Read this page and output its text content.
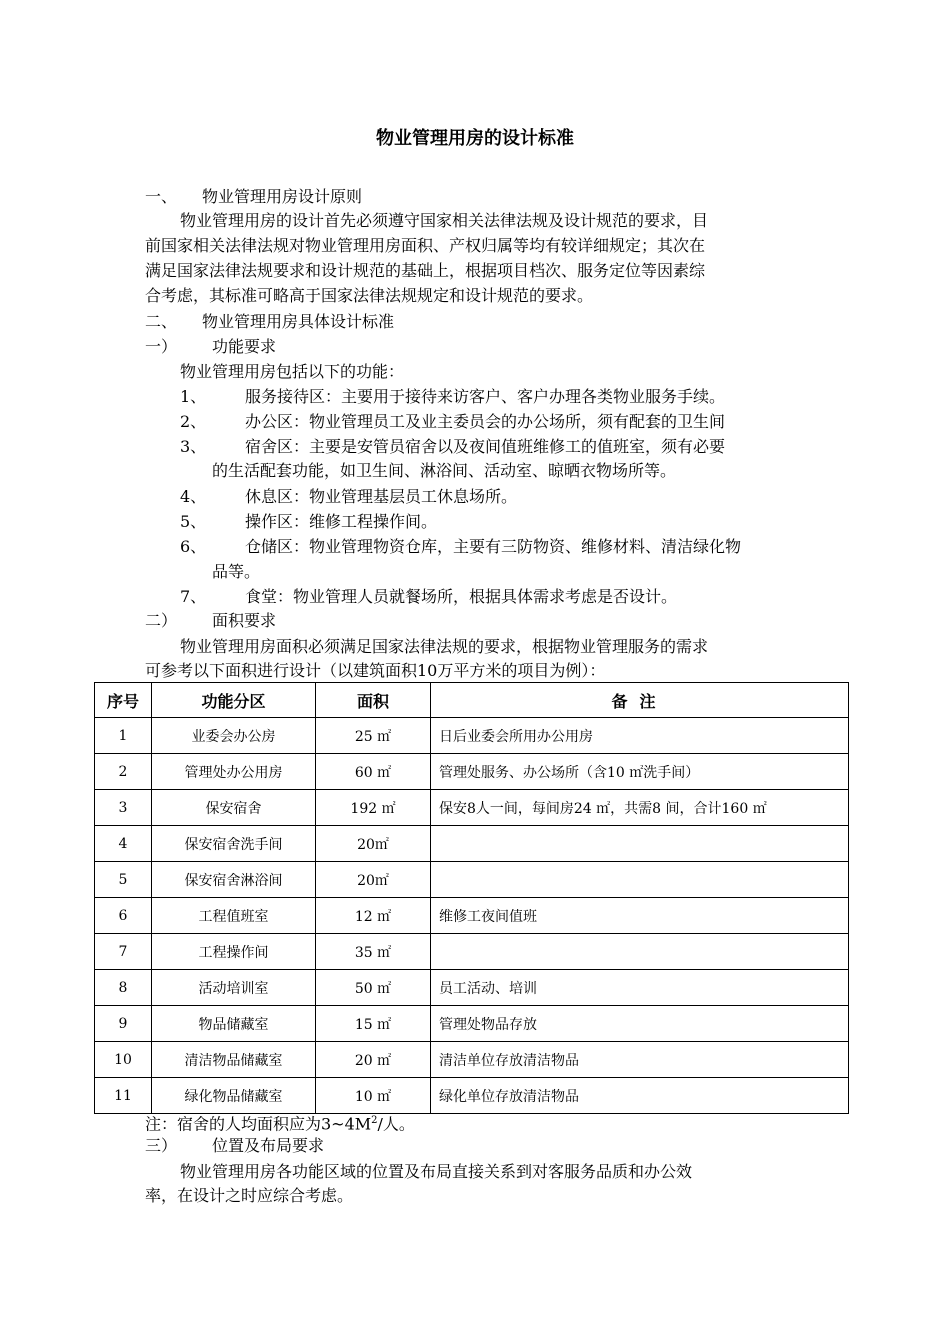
物业管理用房的设计标准
一、 物业管理用房设计原则
物业管理用房的设计首先必须遵守国家相关法律法规及设计规范的要求，目
前国家相关法律法规对物业管理用房面积、产权归属等均有较详细规定；其次在
满足国家法律法规要求和设计规范的基础上，根据项目档次、服务定位等因素综
合考虑，其标准可略高于国家法律法规规定和设计规范的要求。
二、 物业管理用房具体设计标准
一） 功能要求
物业管理用房包括以下的功能：
1、 服务接待区：主要用于接待来访客户、客户办理各类物业服务手续。
2、 办公区：物业管理员工及业主委员会的办公场所，须有配套的卫生间
3、 宿舍区：主要是安管员宿舍以及夜间值班维修工的值班室，须有必要
的生活配套功能，如卫生间、淋浴间、活动室、晾晒衣物场所等。
4、 休息区：物业管理基层员工休息场所。
5、 操作区：维修工程操作间。
6、 仓储区：物业管理物资仓库，主要有三防物资、维修材料、清洁绿化物
品等。
7、 食堂：物业管理人员就餐场所，根据具体需求考虑是否设计。
二） 面积要求
物业管理用房面积必须满足国家法律法规的要求，根据物业管理服务的需求
可参考以下面积进行设计（以建筑面积10万平方米的项目为例）：
序号	功能分区	面积	备注
1	业委会办公房	25 ㎡	日后业委会所用办公用房
2	管理处办公用房	60 ㎡	管理处服务、办公场所（含10 ㎡洗手间）
3	保安宿舍	192 ㎡	保安8人一间，每间房24 ㎡，共需8 间，合计160 ㎡
4	保安宿舍洗手间	20㎡	
5	保安宿舍淋浴间	20㎡	
6	工程值班室	12 ㎡	维修工夜间值班
7	工程操作间	35 ㎡	
8	活动培训室	50 ㎡	员工活动、培训
9	物品储藏室	15 ㎡	管理处物品存放
10	清洁物品储藏室	20 ㎡	清洁单位存放清洁物品
11	绿化物品储藏室	10 ㎡	绿化单位存放清洁物品
注：宿舍的人均面积应为$3\sim 4M^2/$人。
三） 位置及布局要求
物业管理用房各功能区域的位置及布局直接关系到对客服务品质和办公效
率，在设计之时应综合考虑。
